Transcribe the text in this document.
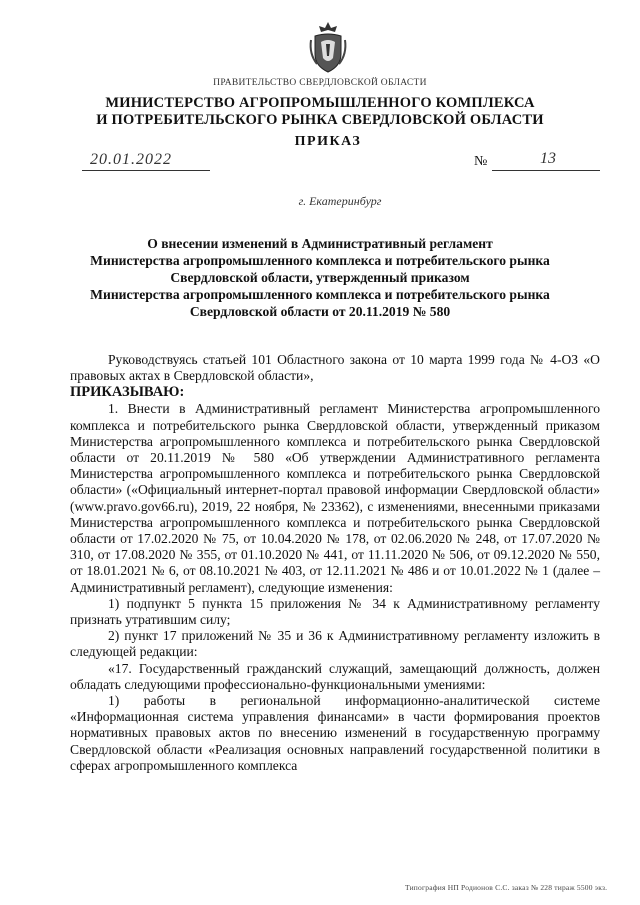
ПРАВИТЕЛЬСТВО СВЕРДЛОВСКОЙ ОБЛАСТИ
МИНИСТЕРСТВО АГРОПРОМЫШЛЕННОГО КОМПЛЕКСА
И ПОТРЕБИТЕЛЬСКОГО РЫНКА СВЕРДЛОВСКОЙ ОБЛАСТИ
ПРИКАЗ
20.01.2022	№	13
г. Екатеринбург
О внесении изменений в Административный регламент
Министерства агропромышленного комплекса и потребительского рынка
Свердловской области, утвержденный приказом
Министерства агропромышленного комплекса и потребительского рынка
Свердловской области от 20.11.2019 № 580

Руководствуясь статьей 101 Областного закона от 10 марта 1999 года № 4-ОЗ «О правовых актах в Свердловской области»,

ПРИКАЗЫВАЮ:

1. Внести в Административный регламент Министерства агропромышленного комплекса и потребительского рынка Свердловской области, утвержденный приказом Министерства агропромышленного комплекса и потребительского рынка Свердловской области от 20.11.2019 № 580 «Об утверждении Административного регламента Министерства агропромышленного комплекса и потребительского рынка Свердловской области» («Официальный интернет-портал правовой информации Свердловской области» (www.pravo.gov66.ru), 2019, 22 ноября, № 23362), с изменениями, внесенными приказами Министерства агропромышленного комплекса и потребительского рынка Свердловской области от 17.02.2020 № 75, от 10.04.2020 № 178, от 02.06.2020 № 248, от 17.07.2020 № 310, от 17.08.2020 № 355, от 01.10.2020 № 441, от 11.11.2020 № 506, от 09.12.2020 № 550, от 18.01.2021 № 6, от 08.10.2021 № 403, от 12.11.2021 № 486 и от 10.01.2022 № 1 (далее – Административный регламент), следующие изменения:

1) подпункт 5 пункта 15 приложения № 34 к Административному регламенту признать утратившим силу;

2) пункт 17 приложений № 35 и 36 к Административному регламенту изложить в следующей редакции:

«17. Государственный гражданский служащий, замещающий должность, должен обладать следующими профессионально-функциональными умениями:

1) работы в региональной информационно-аналитической системе «Информационная система управления финансами» в части формирования проектов нормативных правовых актов по внесению изменений в государственную программу Свердловской области «Реализация основных направлений государственной политики в сферах агропромышленного комплекса

Типография НП Родионов С.С. заказ № 228 тираж 5500 экз.
